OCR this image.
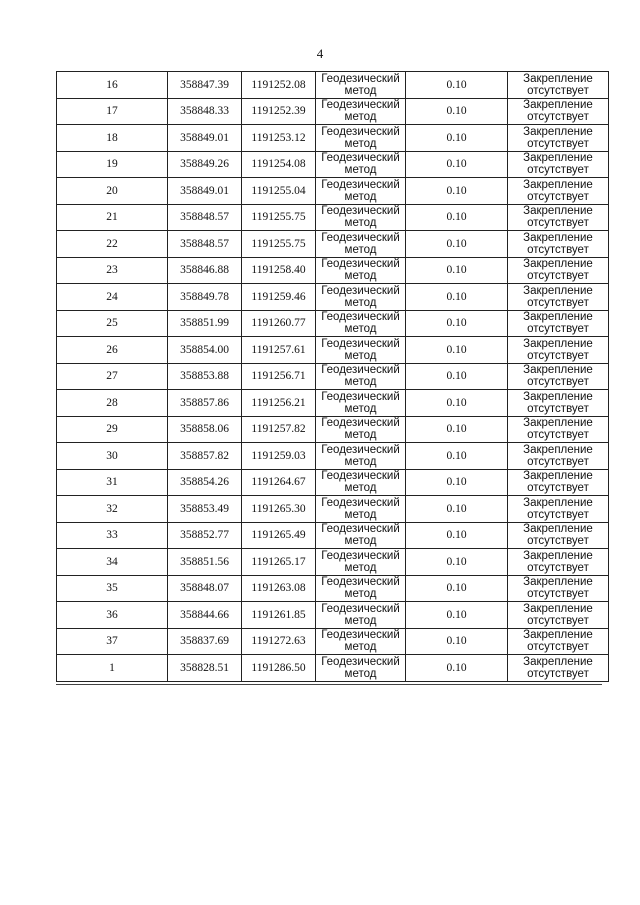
4
16	358847.39	1191252.08	Геодезический
метод	0.10	Закрепление
отсутствует

17	358848.33	1191252.39	Геодезический
метод	0.10	Закрепление
отсутствует

18	358849.01	1191253.12	Геодезический
метод	0.10	Закрепление
отсутствует

19	358849.26	1191254.08	Геодезический
метод	0.10	Закрепление
отсутствует

20	358849.01	1191255.04	Геодезический
метод	0.10	Закрепление
отсутствует

21	358848.57	1191255.75	Геодезический
метод	0.10	Закрепление
отсутствует

22	358848.57	1191255.75	Геодезический
метод	0.10	Закрепление
отсутствует

23	358846.88	1191258.40	Геодезический
метод	0.10	Закрепление
отсутствует

24	358849.78	1191259.46	Геодезический
метод	0.10	Закрепление
отсутствует

25	358851.99	1191260.77	Геодезический
метод	0.10	Закрепление
отсутствует

26	358854.00	1191257.61	Геодезический
метод	0.10	Закрепление
отсутствует

27	358853.88	1191256.71	Геодезический
метод	0.10	Закрепление
отсутствует

28	358857.86	1191256.21	Геодезический
метод	0.10	Закрепление
отсутствует

29	358858.06	1191257.82	Геодезический
метод	0.10	Закрепление
отсутствует

30	358857.82	1191259.03	Геодезический
метод	0.10	Закрепление
отсутствует

31	358854.26	1191264.67	Геодезический
метод	0.10	Закрепление
отсутствует

32	358853.49	1191265.30	Геодезический
метод	0.10	Закрепление
отсутствует

33	358852.77	1191265.49	Геодезический
метод	0.10	Закрепление
отсутствует

34	358851.56	1191265.17	Геодезический
метод	0.10	Закрепление
отсутствует

35	358848.07	1191263.08	Геодезический
метод	0.10	Закрепление
отсутствует

36	358844.66	1191261.85	Геодезический
метод	0.10	Закрепление
отсутствует

37	358837.69	1191272.63	Геодезический
метод	0.10	Закрепление
отсутствует

1	358828.51	1191286.50	Геодезический
метод	0.10	Закрепление
отсутствует
